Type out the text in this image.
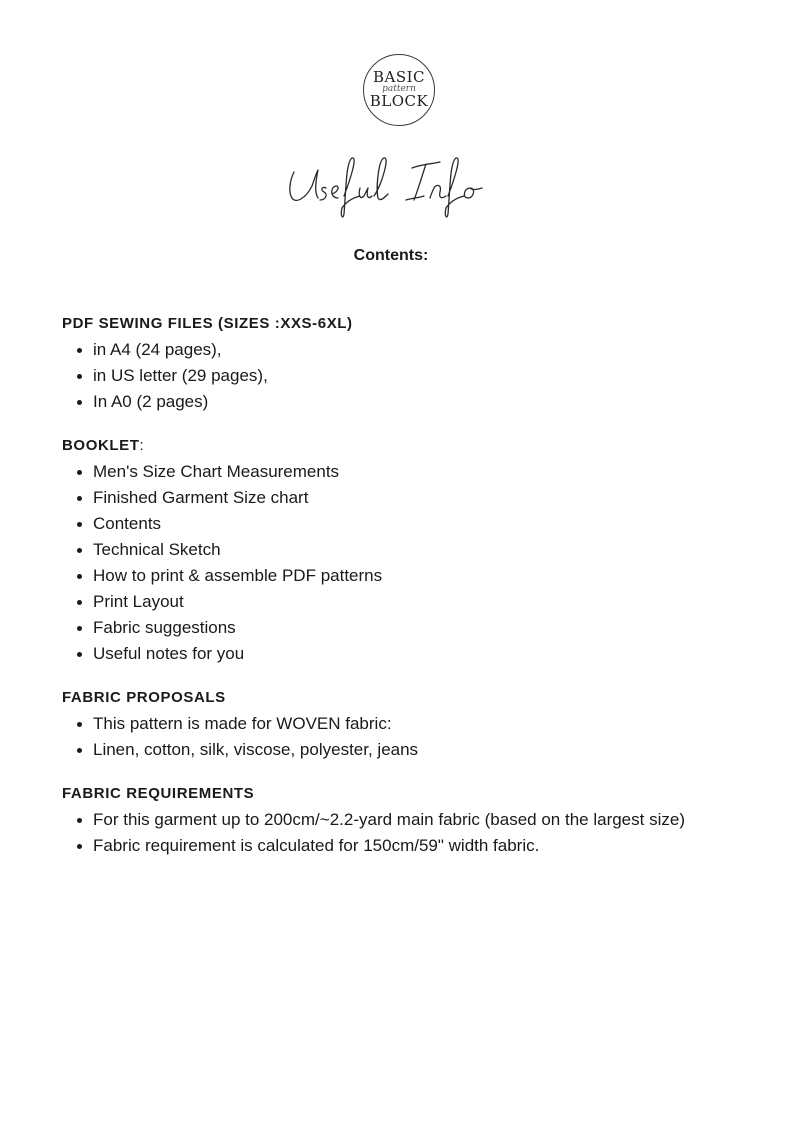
BASIC
pattern
BLOCK
Contents:
PDF SEWING FILES (SIZES :XXS-6XL)
in A4 (24 pages),
in US letter (29 pages),
In A0 (2 pages)
BOOKLET:
Men's Size Chart Measurements
Finished Garment Size chart
Contents
Technical Sketch
How to print & assemble PDF patterns
Print Layout
Fabric suggestions
Useful notes for you
FABRIC PROPOSALS
This pattern is made for WOVEN fabric:
Linen, cotton, silk, viscose, polyester, jeans
FABRIC REQUIREMENTS
For this garment up to 200cm/~2.2-yard main fabric (based on the largest size)
Fabric requirement is calculated for 150cm/59" width fabric.
